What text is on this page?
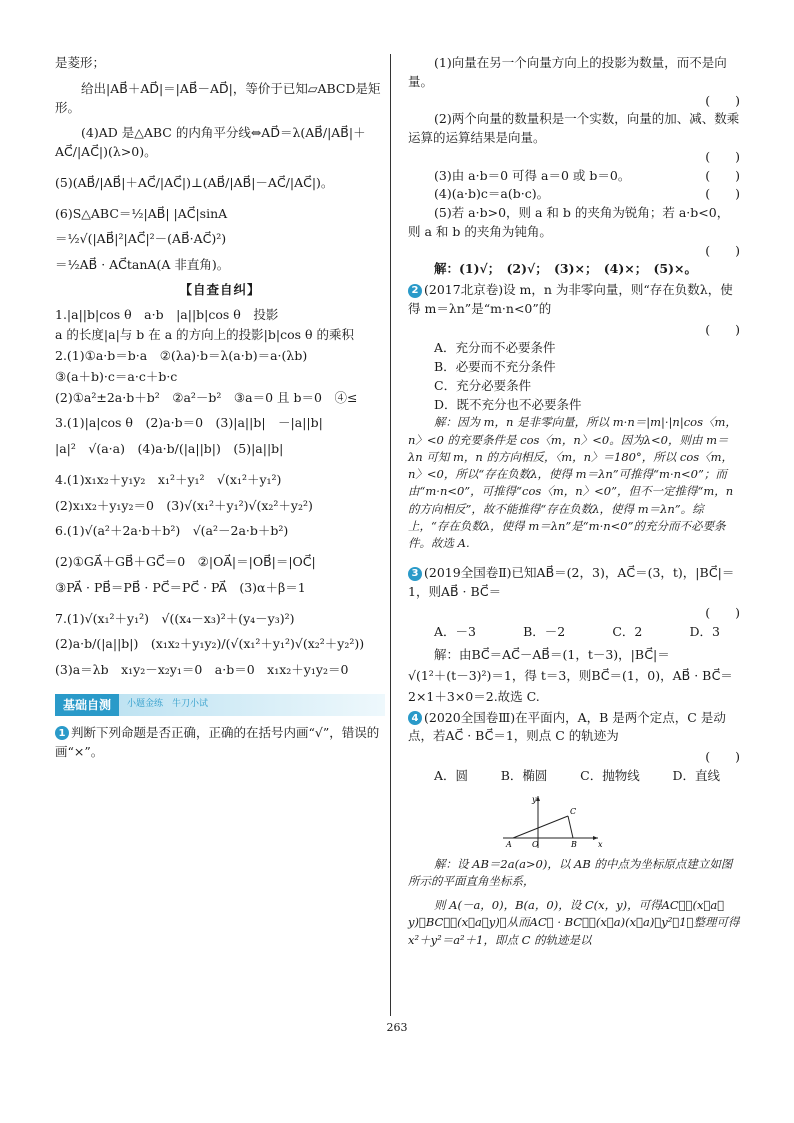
是菱形；
给出|AB⃗＋AD⃗|＝|AB⃗－AD⃗|，等价于已知▱ABCD是矩形。
(4)AD 是△ABC 的内角平分线⇔AD⃗＝λ(AB⃗/|AB⃗|＋AC⃗/|AC⃗|)(λ>0)。
(5)(AB⃗/|AB⃗|＋AC⃗/|AC⃗|)⊥(AB⃗/|AB⃗|－AC⃗/|AC⃗|)。
(6)S△ABC＝½|AB⃗| |AC⃗|sinA
＝½√(|AB⃗|²|AC⃗|²－(AB⃗·AC⃗)²)
＝½AB⃗ · AC⃗tanA(A 非直角)。
【自查自纠】
1.|a||b|cos θ　a·b　|a||b|cos θ　投影
a 的长度|a|与 b 在 a 的方向上的投影|b|cos θ 的乘积
2.(1)①a·b＝b·a　②(λa)·b＝λ(a·b)＝a·(λb)
③(a＋b)·c＝a·c＋b·c
(2)①a²±2a·b＋b²　②a²－b²　③a＝0 且 b＝0　④≤
3.(1)|a|cos θ　(2)a·b＝0　(3)|a||b|　－|a||b|
|a|²　√(a·a)　(4)a·b/(|a||b|)　(5)|a||b|
4.(1)x₁x₂＋y₁y₂　x₁²＋y₁²　√(x₁²＋y₁²)
(2)x₁x₂＋y₁y₂＝0　(3)√(x₁²＋y₁²)√(x₂²＋y₂²)
6.(1)√(a²＋2a·b＋b²)　√(a²－2a·b＋b²)
(2)①GA⃗＋GB⃗＋GC⃗＝0　②|OA⃗|＝|OB⃗|＝|OC⃗|
③PA⃗ · PB⃗＝PB⃗ · PC⃗＝PC⃗ · PA⃗　(3)α＋β＝1
7.(1)√(x₁²＋y₁²)　√((x₄－x₃)²＋(y₄－y₃)²)
(2)a·b/(|a||b|)　(x₁x₂＋y₁y₂)/(√(x₁²＋y₁²)√(x₂²＋y₂²))
(3)a＝λb　x₁y₂－x₂y₁＝0　a·b＝0　x₁x₂＋y₁y₂＝0
基础自测	小题金练　牛刀小试
1 判断下列命题是否正确，正确的在括号内画“√”，错误的画“×”。
(1)向量在另一个向量方向上的投影为数量，而不是向量。
(　　)
(2)两个向量的数量积是一个实数，向量的加、减、数乘运算的运算结果是向量。
(　　)
(3)由 a·b＝0 可得 a＝0 或 b＝0。	(　　)
(4)(a·b)c＝a(b·c)。	(　　)
(5)若 a·b>0，则 a 和 b 的夹角为锐角；若 a·b<0，则 a 和 b 的夹角为钝角。
(　　)
解：(1)√；　(2)√；　(3)×；　(4)×；　(5)×。
2 (2017北京卷)设 m，n 为非零向量，则“存在负数λ，使得 m＝λn”是“m·n<0”的
(　　)
A．充分而不必要条件
B．必要而不充分条件
C．充分必要条件
D．既不充分也不必要条件
解：因为 m，n 是非零向量，所以 m·n＝|m|·|n|cos〈m，n〉<0 的充要条件是 cos〈m，n〉<0。因为λ<0，则由 m＝λn 可知 m，n 的方向相反，〈m，n〉＝180°，所以 cos〈m，n〉<0，所以“存在负数λ，使得 m＝λn”可推得“m·n<0”；而由“m·n<0”，可推得“cos〈m，n〉<0”，但不一定推得“m，n 的方向相反”，故不能推得“存在负数λ，使得 m＝λn”。综上，“存在负数λ，使得 m＝λn”是“m·n<0”的充分而不必要条件。故选 A.
3 (2019全国卷Ⅱ)已知AB⃗＝(2，3)，AC⃗＝(3，t)，|BC⃗|＝1，则AB⃗ · BC⃗＝
(　　)
A．－3	B．－2	C．2	D．3
解：由BC⃗＝AC⃗－AB⃗＝(1，t－3)，|BC⃗|＝
√(1²＋(t－3)²)＝1，得 t＝3，则BC⃗＝(1，0)，AB⃗ · BC⃗＝
2×1＋3×0＝2.故选 C.
4 (2020全国卷Ⅲ)在平面内，A，B 是两个定点，C 是动点，若AC⃗ · BC⃗＝1，则点 C 的轨迹为
(　　)
A．圆	B．椭圆	C．抛物线	D．直线
y
x
A	O	B
C
解：设 AB＝2a(a>0)，以 AB 的中点为坐标原点建立如图所示的平面直角坐标系，
则 A(－a，0)，B(a，0)，设 C(x，y)，可得AC⃗＝(x＋a，y)，BC⃗＝(x－a，y)，从而AC⃗ · BC⃗＝(x＋a)(x－a)＋y²＝1，整理可得 x²＋y²＝a²＋1，即点 C 的轨迹是以
263
